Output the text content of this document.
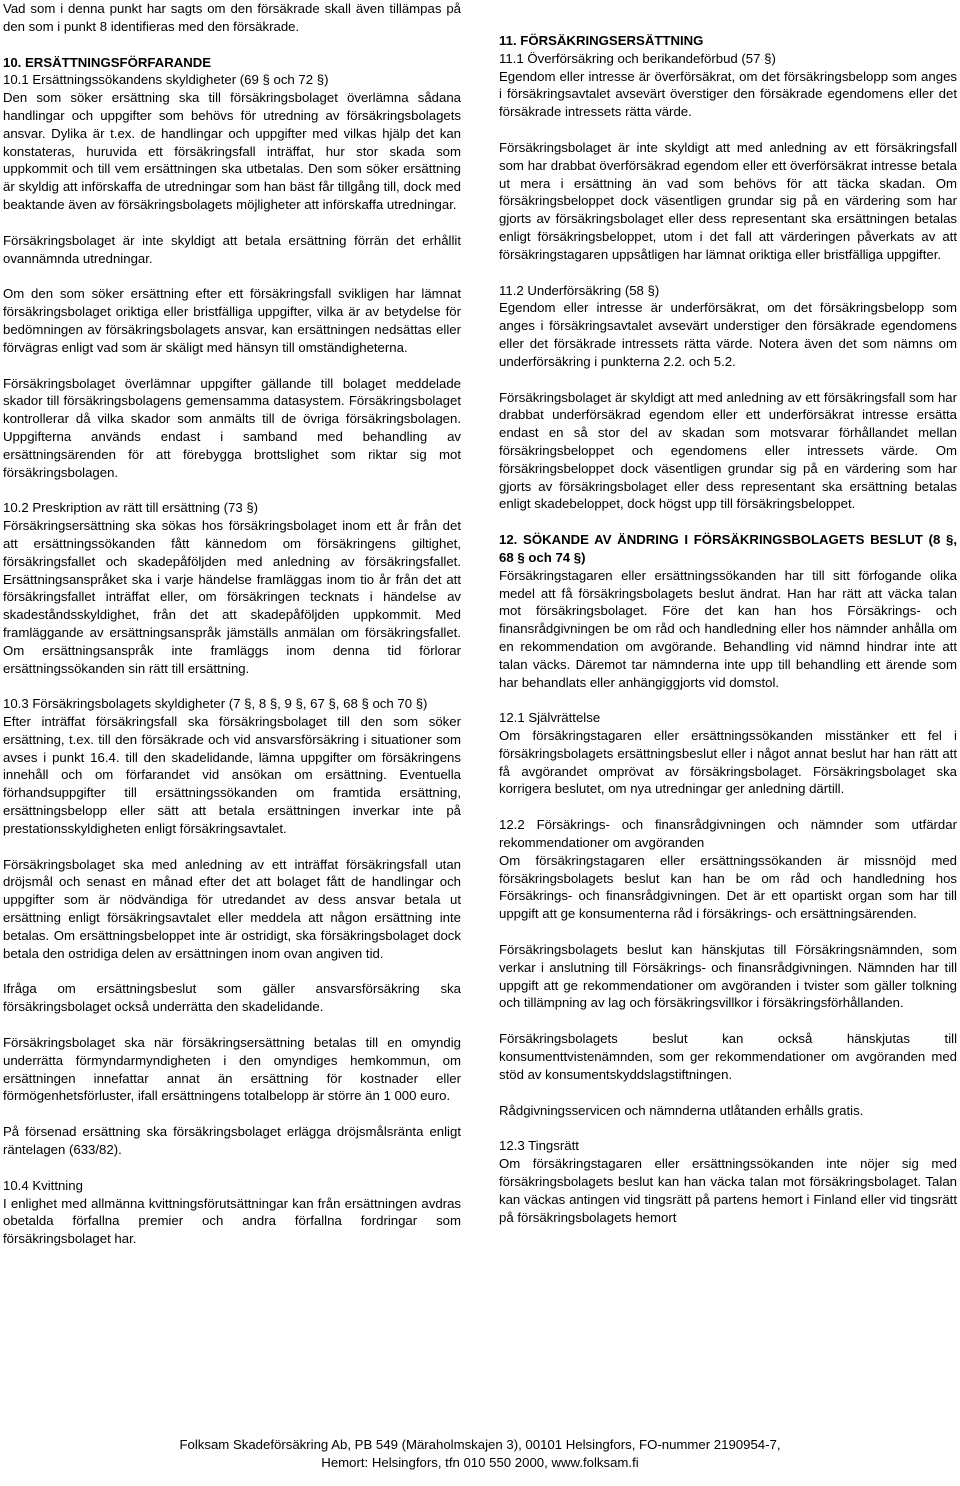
Vad som i denna punkt har sagts om den försäkrade skall även tillämpas på den som i punkt 8 identifieras med den försäkrade.

10. ERSÄTTNINGSFÖRFARANDE

10.1 Ersättningssökandens skyldigheter (69 § och 72 §)

Den som söker ersättning ska till försäkringsbolaget överlämna sådana handlingar och uppgifter som behövs för utredning av försäkringsbolagets ansvar. Dylika är t.ex. de handlingar och uppgifter med vilkas hjälp det kan konstateras, huruvida ett försäkringsfall inträffat, hur stor skada som uppkommit och till vem ersättningen ska utbetalas. Den som söker ersättning är skyldig att införskaffa de utredningar som han bäst får tillgång till, dock med beaktande även av försäkringsbolagets möjligheter att införskaffa utredningar.

Försäkringsbolaget är inte skyldigt att betala ersättning förrän det erhållit ovannämnda utredningar.

Om den som söker ersättning efter ett försäkringsfall svikligen har lämnat försäkringsbolaget oriktiga eller bristfälliga uppgifter, vilka är av betydelse för bedömningen av försäkringsbolagets ansvar, kan ersättningen nedsättas eller förvägras enligt vad som är skäligt med hänsyn till omständigheterna.

Försäkringsbolaget överlämnar uppgifter gällande till bolaget meddelade skador till försäkringsbolagens gemensamma datasystem. Försäkringsbolaget kontrollerar då vilka skador som anmälts till de övriga försäkringsbolagen. Uppgifterna används endast i samband med behandling av ersättningsärenden för att förebygga brottslighet som riktar sig mot försäkringsbolagen.

10.2 Preskription av rätt till ersättning (73 §)

Försäkringsersättning ska sökas hos försäkringsbolaget inom ett år från det att ersättningssökanden fått kännedom om försäkringens giltighet, försäkringsfallet och skadepåföljden med anledning av försäkringsfallet. Ersättningsanspråket ska i varje händelse framläggas inom tio år från det att försäkringsfallet inträffat eller, om försäkringen tecknats i händelse av skadeståndsskyldighet, från det att skadepåföljden uppkommit. Med framläggande av ersättningsanspråk jämställs anmälan om försäkringsfallet. Om ersättningsanspråk inte framläggs inom denna tid förlorar ersättningssökanden sin rätt till ersättning.

10.3 Försäkringsbolagets skyldigheter (7 §, 8 §, 9 §, 67 §, 68 § och 70 §)

Efter inträffat försäkringsfall ska försäkringsbolaget till den som söker ersättning, t.ex. till den försäkrade och vid ansvarsförsäkring i situationer som avses i punkt 16.4. till den skadelidande, lämna uppgifter om försäkringens innehåll och om förfarandet vid ansökan om ersättning. Eventuella förhandsuppgifter till ersättningssökanden om framtida ersättning, ersättningsbelopp eller sätt att betala ersättningen inverkar inte på prestationsskyldigheten enligt försäkringsavtalet.

Försäkringsbolaget ska med anledning av ett inträffat försäkringsfall utan dröjsmål och senast en månad efter det att bolaget fått de handlingar och uppgifter som är nödvändiga för utredandet av dess ansvar betala ut ersättning enligt försäkringsavtalet eller meddela att någon ersättning inte betalas. Om ersättningsbeloppet inte är ostridigt, ska försäkringsbolaget dock betala den ostridiga delen av ersättningen inom ovan angiven tid.

Ifråga om ersättningsbeslut som gäller ansvarsförsäkring ska försäkringsbolaget också underrätta den skadelidande.

Försäkringsbolaget ska när försäkringsersättning betalas till en omyndig underrätta förmyndarmyndigheten i den omyndiges hemkommun, om ersättningen innefattar annat än ersättning för kostnader eller förmögenhetsförluster, ifall ersättningens totalbelopp är större än 1 000 euro.

På försenad ersättning ska försäkringsbolaget erlägga dröjsmålsränta enligt räntelagen (633/82).

10.4 Kvittning

I enlighet med allmänna kvittningsförutsättningar kan från ersättningen avdras obetalda förfallna premier och andra förfallna fordringar som försäkringsbolaget har.

11. FÖRSÄKRINGSERSÄTTNING

11.1 Överförsäkring och berikandeförbud (57 §)

Egendom eller intresse är överförsäkrat, om det försäkringsbelopp som anges i försäkringsavtalet avsevärt överstiger den försäkrade egendomens eller det försäkrade intressets rätta värde.

Försäkringsbolaget är inte skyldigt att med anledning av ett försäkringsfall som har drabbat överförsäkrad egendom eller ett överförsäkrat intresse betala ut mera i ersättning än vad som behövs för att täcka skadan. Om försäkringsbeloppet dock väsentligen grundar sig på en värdering som har gjorts av försäkringsbolaget eller dess representant ska ersättningen betalas enligt försäkringsbeloppet, utom i det fall att värderingen påverkats av att försäkringstagaren uppsåtligen har lämnat oriktiga eller bristfälliga uppgifter.

11.2 Underförsäkring (58 §)

Egendom eller intresse är underförsäkrat, om det försäkringsbelopp som anges i försäkringsavtalet avsevärt understiger den försäkrade egendomens eller det försäkrade intressets rätta värde. Notera även det som nämns om underförsäkring i punkterna 2.2. och 5.2.

Försäkringsbolaget är skyldigt att med anledning av ett försäkringsfall som har drabbat underförsäkrad egendom eller ett underförsäkrat intresse ersätta endast en så stor del av skadan som motsvarar förhållandet mellan försäkringsbeloppet och egendomens eller intressets värde. Om försäkringsbeloppet dock väsentligen grundar sig på en värdering som har gjorts av försäkringsbolaget eller dess representant ska ersättning betalas enligt skadebeloppet, dock högst upp till försäkringsbeloppet.

12. SÖKANDE AV ÄNDRING I FÖRSÄKRINGSBOLAGETS BESLUT (8 §, 68 § och 74 §)

Försäkringstagaren eller ersättningssökanden har till sitt förfogande olika medel att få försäkringsbolagets beslut ändrat. Han har rätt att väcka talan mot försäkringsbolaget. Före det kan han hos Försäkrings- och finansrådgivningen be om råd och handledning eller hos nämnder anhålla om en rekommendation om avgörande. Behandling vid nämnd hindrar inte att talan väcks. Däremot tar nämnderna inte upp till behandling ett ärende som har behandlats eller anhängiggjorts vid domstol.

12.1 Självrättelse

Om försäkringstagaren eller ersättningssökanden misstänker ett fel i försäkringsbolagets ersättningsbeslut eller i något annat beslut har han rätt att få avgörandet omprövat av försäkringsbolaget. Försäkringsbolaget ska korrigera beslutet, om nya utredningar ger anledning därtill.

12.2 Försäkrings- och finansrådgivningen och nämnder som utfärdar rekommendationer om avgöranden

Om försäkringstagaren eller ersättningssökanden är missnöjd med försäkringsbolagets beslut kan han be om råd och handledning hos Försäkrings- och finansrådgivningen. Det är ett opartiskt organ som har till uppgift att ge konsumenterna råd i försäkrings- och ersättningsärenden.

Försäkringsbolagets beslut kan hänskjutas till Försäkringsnämnden, som verkar i anslutning till Försäkrings- och finansrådgivningen. Nämnden har till uppgift att ge rekommendationer om avgöranden i tvister som gäller tolkning och tillämpning av lag och försäkringsvillkor i försäkringsförhållanden.

Försäkringsbolagets beslut kan också hänskjutas till konsumenttvistenämnden, som ger rekommendationer om avgöranden med stöd av konsumentskyddslagstiftningen.

Rådgivningsservicen och nämnderna utlåtanden erhålls gratis.

12.3 Tingsrätt

Om försäkringstagaren eller ersättningssökanden inte nöjer sig med försäkringsbolagets beslut kan han väcka talan mot försäkringsbolaget. Talan kan väckas antingen vid tingsrätt på partens hemort i Finland eller vid tingsrätt på försäkringsbolagets hemort

Folksam Skadeförsäkring Ab, PB 549 (Märaholmskajen 3), 00101 Helsingfors, FO-nummer 2190954-7,
Hemort: Helsingfors, tfn 010 550 2000, www.folksam.fi
